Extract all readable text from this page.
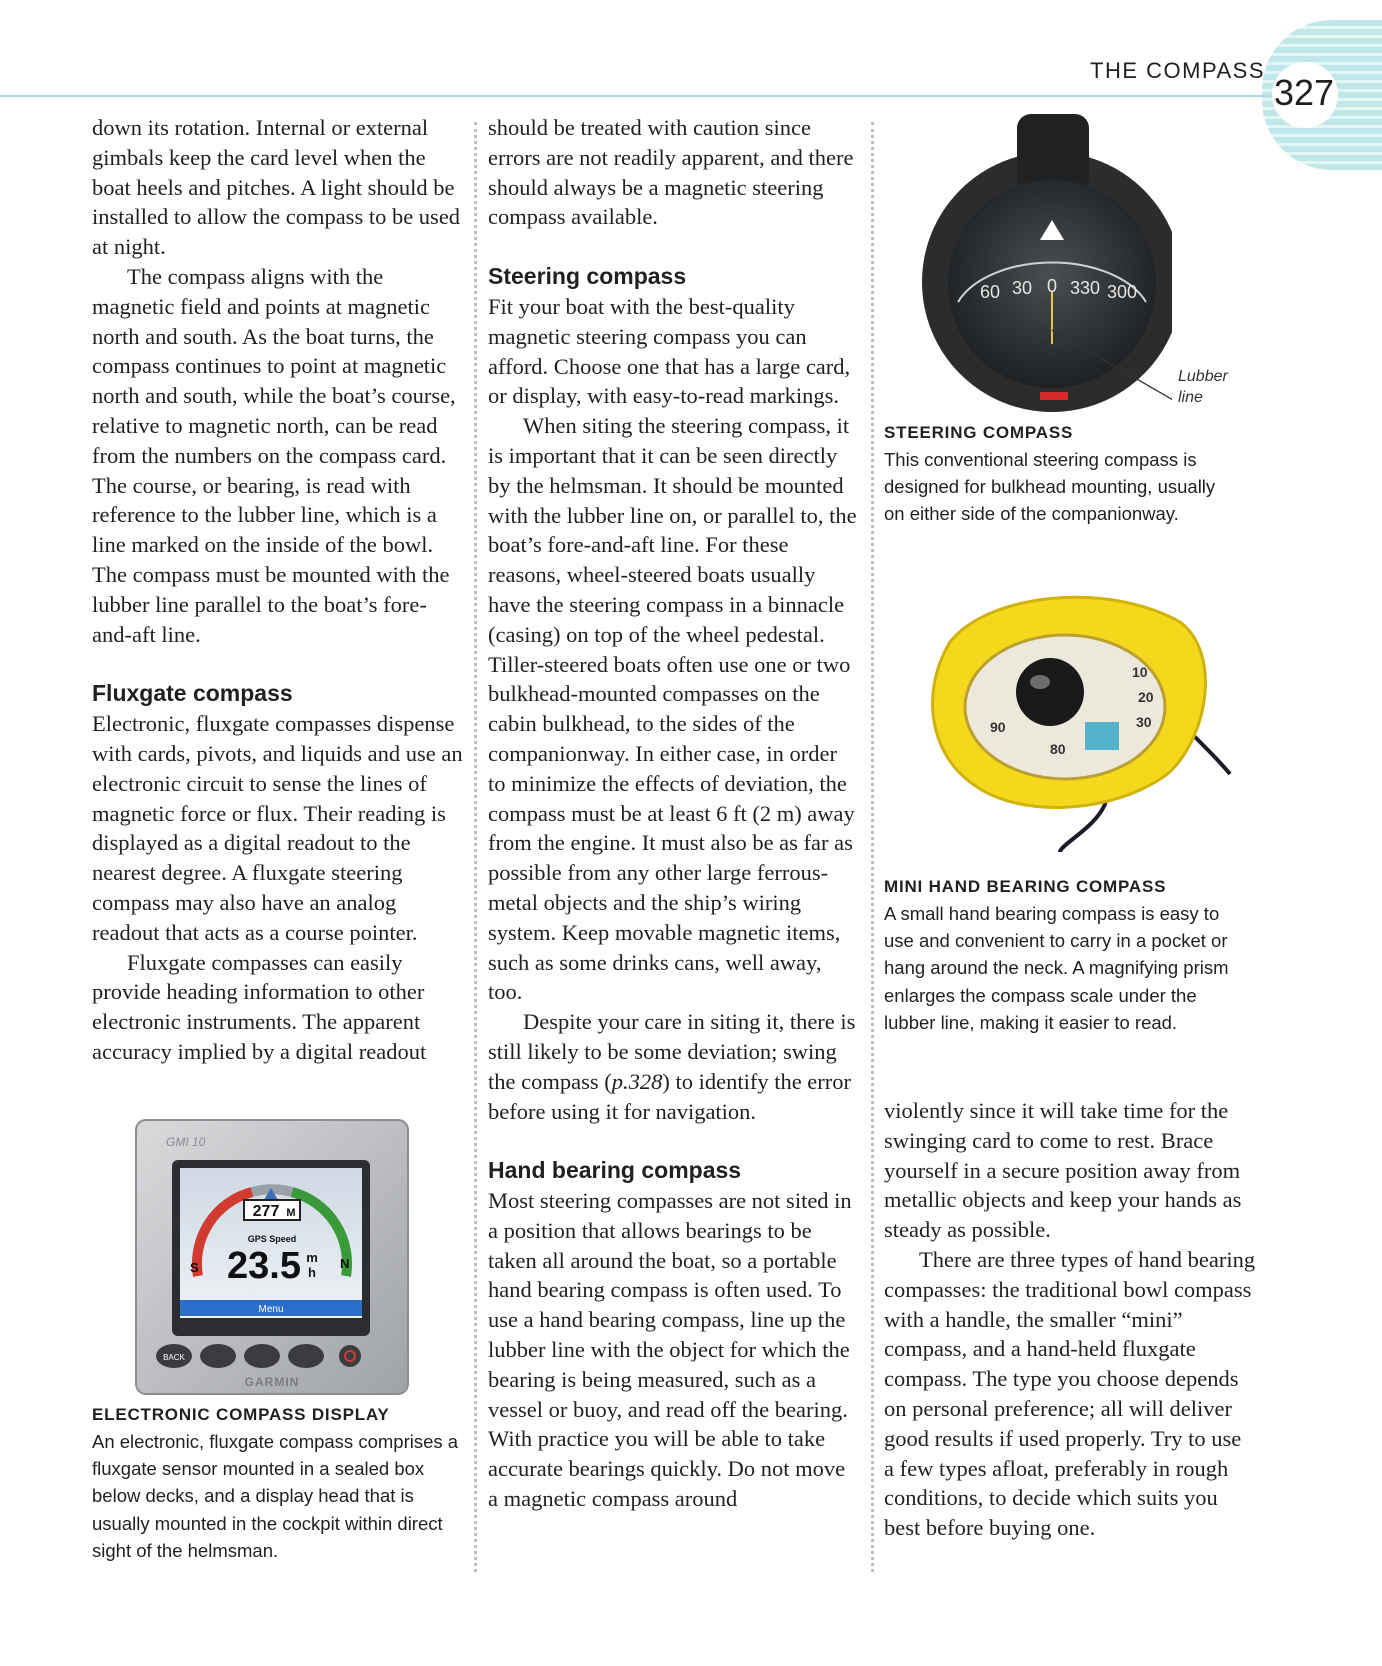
327
THE COMPASS

down its rotation. Internal or external gimbals keep the card level when the boat heels and pitches. A light should be installed to allow the compass to be used at night.

The compass aligns with the magnetic field and points at magnetic north and south. As the boat turns, the compass continues to point at magnetic north and south, while the boat’s course, relative to magnetic north, can be read from the numbers on the compass card. The course, or bearing, is read with reference to the lubber line, which is a line marked on the inside of the bowl. The compass must be mounted with the lubber line parallel to the boat’s fore-and-aft line.

Fluxgate compass

Electronic, fluxgate compasses dispense with cards, pivots, and liquids and use an electronic circuit to sense the lines of magnetic force or flux. Their reading is displayed as a digital readout to the nearest degree. A fluxgate steering compass may also have an analog readout that acts as a course pointer.

Fluxgate compasses can easily provide heading information to other electronic instruments. The apparent accuracy implied by a digital readout

277 M
GPS Speed
23.5 m
h
S	N
Menu
GMI 10
BACK
GARMIN

ELECTRONIC COMPASS DISPLAY

An electronic, fluxgate compass comprises a fluxgate sensor mounted in a sealed box below decks, and a display head that is usually mounted in the cockpit within direct sight of the helmsman.

should be treated with caution since errors are not readily apparent, and there should always be a magnetic steering compass available.

Steering compass

Fit your boat with the best-quality magnetic steering compass you can afford. Choose one that has a large card, or display, with easy-to-read markings.

When siting the steering compass, it is important that it can be seen directly by the helmsman. It should be mounted with the lubber line on, or parallel to, the boat’s fore-and-aft line. For these reasons, wheel-steered boats usually have the steering compass in a binnacle (casing) on top of the wheel pedestal. Tiller-steered boats often use one or two bulkhead-mounted compasses on the cabin bulkhead, to the sides of the companionway. In either case, in order to minimize the effects of deviation, the compass must be at least 6 ft (2 m) away from the engine. It must also be as far as possible from any other large ferrous-metal objects and the ship’s wiring system. Keep movable magnetic items, such as some drinks cans, well away, too.

Despite your care in siting it, there is still likely to be some deviation; swing the compass (p.328) to identify the error before using it for navigation.

Hand bearing compass

Most steering compasses are not sited in a position that allows bearings to be taken all around the boat, so a portable hand bearing compass is often used. To use a hand bearing compass, line up the lubber line with the object for which the bearing is being measured, such as a vessel or buoy, and read off the bearing. With practice you will be able to take accurate bearings quickly. Do not move a magnetic compass around

60 30 0 330 300
Lubber
line

STEERING COMPASS

This conventional steering compass is designed for bulkhead mounting, usually on either side of the companionway.

10
20
30
80
90

MINI HAND BEARING COMPASS

A small hand bearing compass is easy to use and convenient to carry in a pocket or hang around the neck. A magnifying prism enlarges the compass scale under the lubber line, making it easier to read.

violently since it will take time for the swinging card to come to rest. Brace yourself in a secure position away from metallic objects and keep your hands as steady as possible.

There are three types of hand bearing compasses: the traditional bowl compass with a handle, the smaller “mini” compass, and a hand-held fluxgate compass. The type you choose depends on personal preference; all will deliver good results if used properly. Try to use a few types afloat, preferably in rough conditions, to decide which suits you best before buying one.
